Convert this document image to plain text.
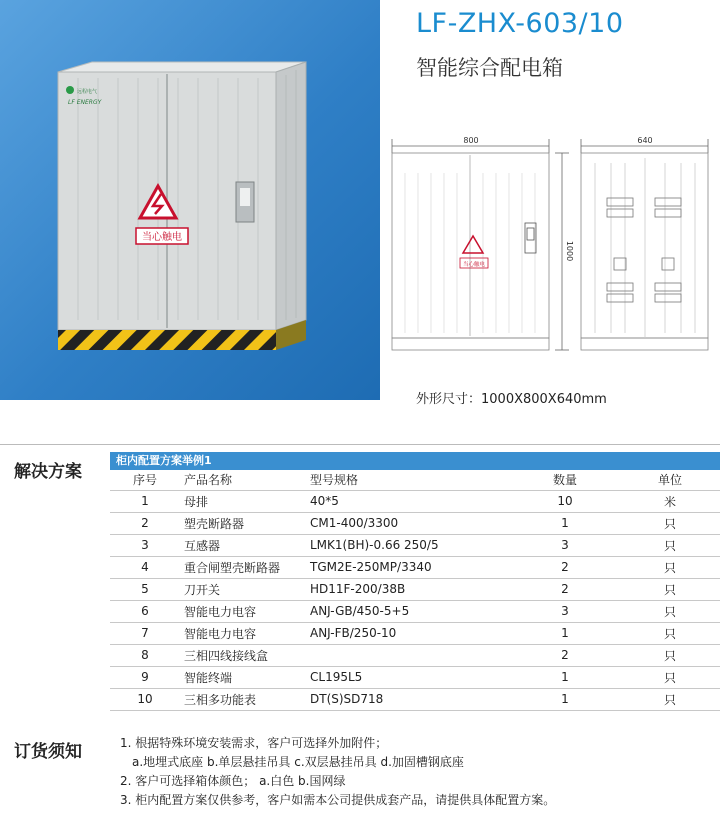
当心触电
远程电气
LF ENERGY
LF-ZHX-603/10
智能综合配电箱
800	640
1000
当心触电
外形尺寸：1000X800X640mm
解决方案
柜内配置方案举例1
序号	产品名称	型号规格	数量	单位
1	母排	40*5	10	米
2	塑壳断路器	CM1-400/3300	1	只
3	互感器	LMK1(BH)-0.66 250/5	3	只
4	重合闸塑壳断路器	TGM2E-250MP/3340	2	只
5	刀开关	HD11F-200/38B	2	只
6	智能电力电容	ANJ-GB/450-5+5	3	只
7	智能电力电容	ANJ-FB/250-10	1	只
8	三相四线接线盒		2	只
9	智能终端	CL195L5	1	只
10	三相多功能表	DT(S)SD718	1	只
订货须知	1. 根据特殊环境安装需求，客户可选择外加附件；
a.地埋式底座 b.单层悬挂吊具 c.双层悬挂吊具 d.加固槽钢底座
2. 客户可选择箱体颜色； a.白色 b.国网绿
3. 柜内配置方案仅供参考，客户如需本公司提供成套产品，请提供具体配置方案。
